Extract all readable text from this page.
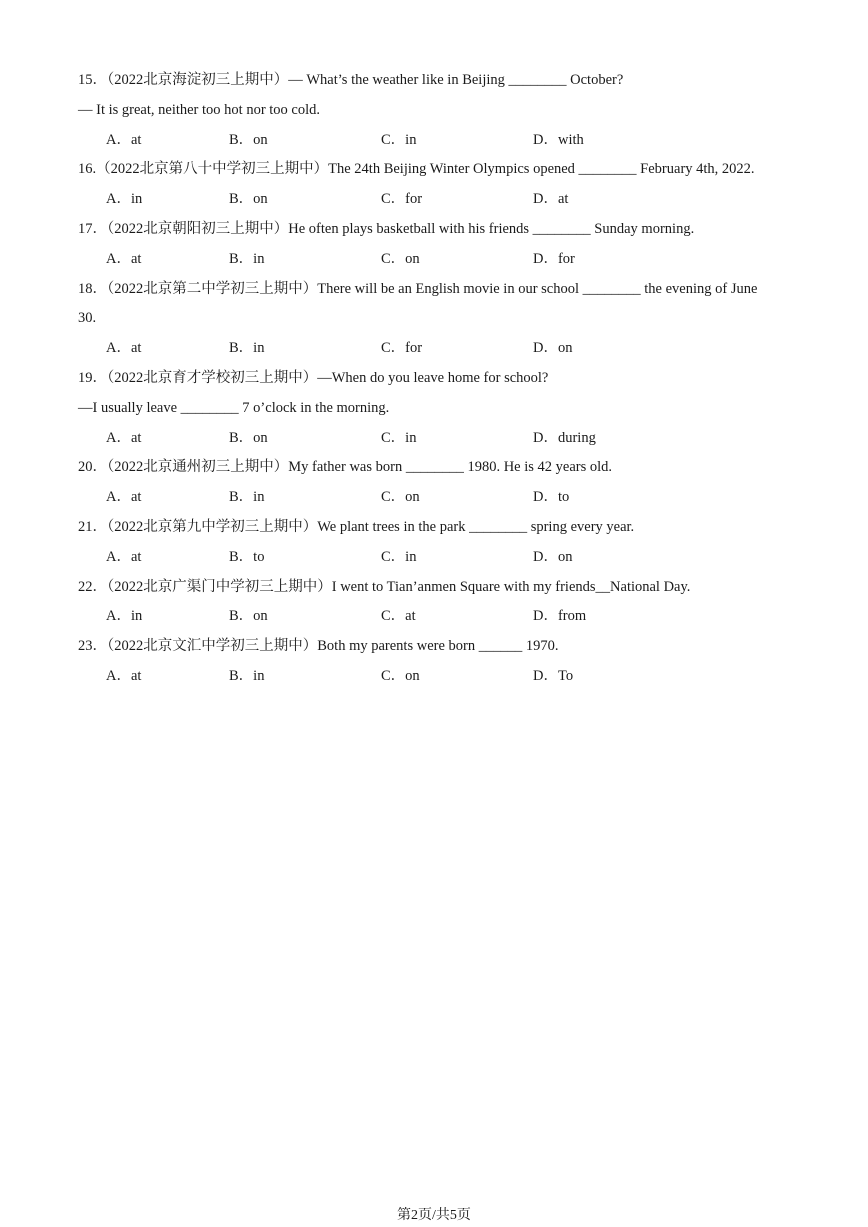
15．（2022北京海淀初三上期中）— What’s the weather like in Beijing ________ October?
— It is great, neither too hot nor too cold.
A．at	B．on	C．in	D．with
16.（2022北京第八十中学初三上期中）The 24th Beijing Winter Olympics opened ________ February 4th, 2022.
A．in	B．on	C．for	D．at
17．（2022北京朝阳初三上期中）He often plays basketball with his friends ________ Sunday morning.
A．at	B．in	C．on	D．for
18．（2022北京第二中学初三上期中）There will be an English movie in our school ________ the evening of June
30.
A．at	B．in	C．for	D．on
19．（2022北京育才学校初三上期中）—When do you leave home for school?
—I usually leave ________ 7 o’clock in the morning.
A．at	B．on	C．in	D．during
20．（2022北京通州初三上期中）My father was born ________ 1980. He is 42 years old.
A．at	B．in	C．on	D．to
21．（2022北京第九中学初三上期中）We plant trees in the park ________ spring every year.
A．at	B．to	C．in	D．on
22．（2022北京广渠门中学初三上期中）I went to Tian’anmen Square with my friends__National Day.
A．in	B．on	C．at	D．from
23．（2022北京文汇中学初三上期中）Both my parents were born ______ 1970.
A．at	B．in	C．on	D．To
第2页/共5页
